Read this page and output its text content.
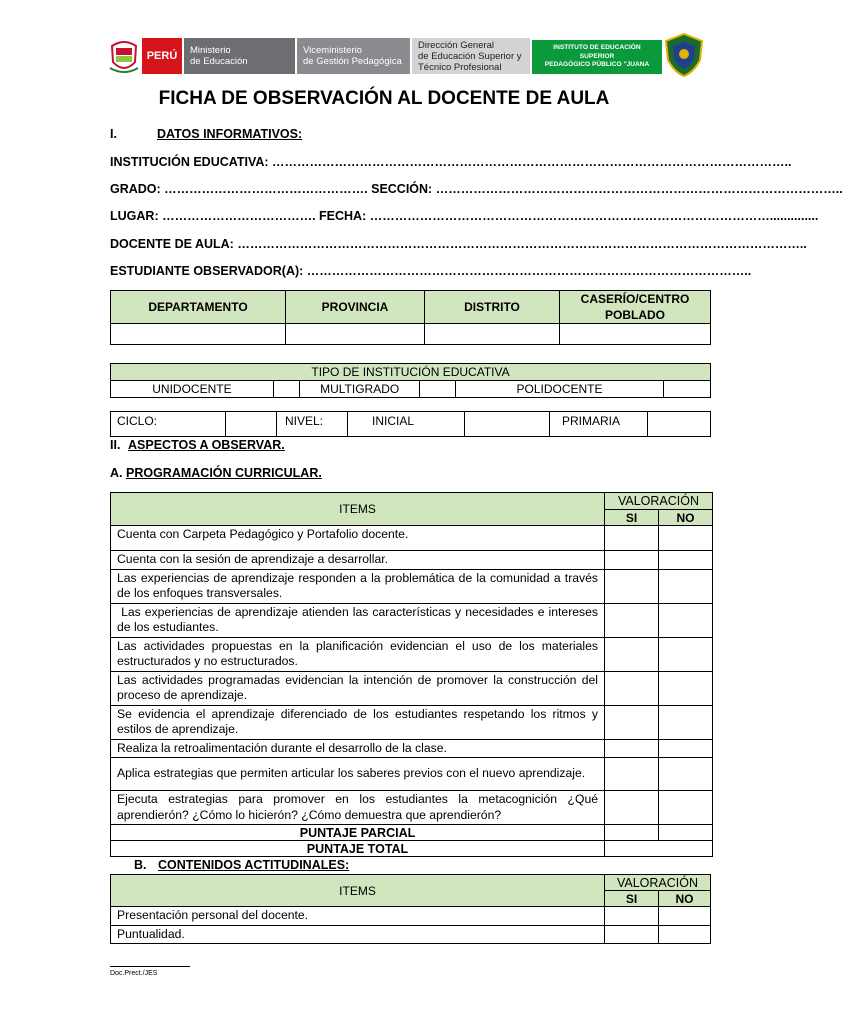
PERÚ	Ministerio
de Educación
Viceministerio
de Gestión Pedagógica
Dirección General
de Educación Superior y
Técnico Profesional
INSTITUTO DE EDUCACIÓN
SUPERIOR
PEDAGÓGICO PÚBLICO "JUANA
FICHA DE OBSERVACIÓN AL DOCENTE DE AULA
I.	DATOS INFORMATIVOS:
INSTITUCIÓN EDUCATIVA: ……………………………………………………………………………………………………………..
GRADO: …………………………………………. SECCIÓN: ……………………………………………………………………………………..
LUGAR: ………………………………. FECHA: ……………………………………………………………………………………..............
DOCENTE DE AULA: ………………………………………………………………………………………………………………………..
ESTUDIANTE OBSERVADOR(A): ……………………………………………………………………………………………..
DEPARTAMENTO	PROVINCIA	DISTRITO	CASERÍO/CENTRO POBLADO

TIPO DE INSTITUCIÓN EDUCATIVA
UNIDOCENTE		MULTIGRADO		POLIDOCENTE	
CICLO:		NIVEL:	INICIAL		PRIMARIA	
II. ASPECTOS A OBSERVAR.
A. PROGRAMACIÓN CURRICULAR.
ITEMS	VALORACIÓN	
	SI	NO
Cuenta con Carpeta Pedagógico y Portafolio docente.		
Cuenta con la sesión de aprendizaje a desarrollar.		
Las experiencias de aprendizaje responden a la problemática de la comunidad a través de los enfoques transversales.		
Las experiencias de aprendizaje atienden las características y necesidades e intereses de los estudiantes.		
Las actividades propuestas en la planificación evidencian el uso de los materiales estructurados y no estructurados.		
Las actividades programadas evidencian la intención de promover la construcción del proceso de aprendizaje.		
Se evidencia el aprendizaje diferenciado de los estudiantes respetando los ritmos y estilos de aprendizaje.		
Realiza la retroalimentación durante el desarrollo de la clase.		
Aplica estrategias que permiten articular los saberes previos con el nuevo aprendizaje.		
Ejecuta estrategias para promover en los estudiantes la metacognición ¿Qué aprendierón? ¿Cómo lo hicierón? ¿Cómo demuestra que aprendierón?		
PUNTAJE PARCIAL		
PUNTAJE TOTAL		
B. CONTENIDOS ACTITUDINALES:
ITEMS	VALORACIÓN	
	SI	NO
Presentación personal del docente.		
Puntualidad.		
Doc.Prect./JES
